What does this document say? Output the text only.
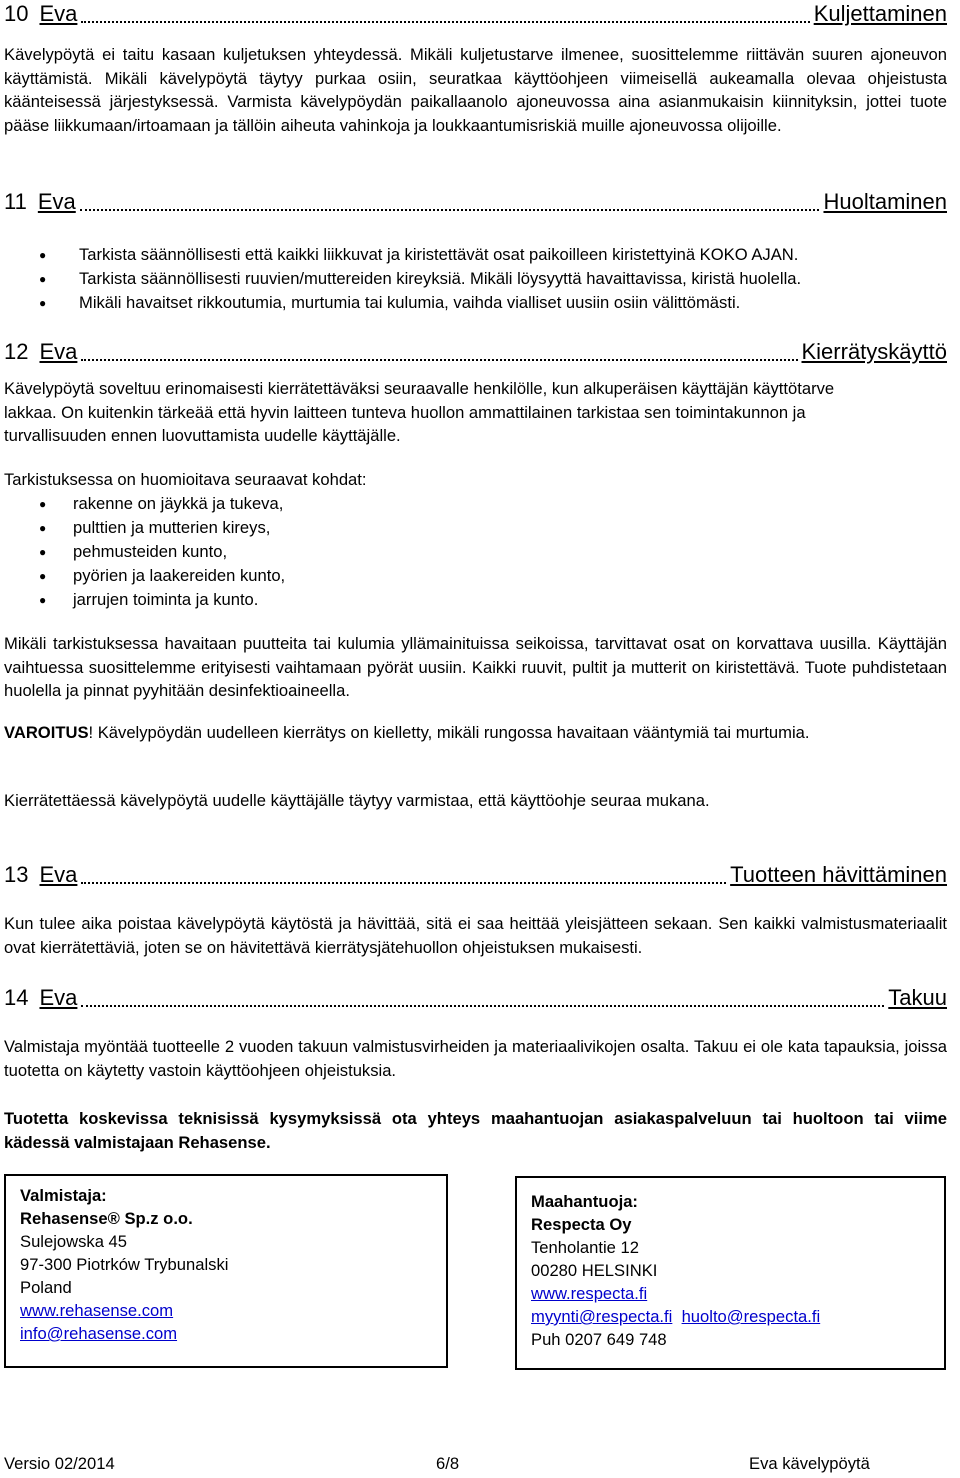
10 Eva	Kuljettaminen
Kävelypöytä ei taitu kasaan kuljetuksen yhteydessä. Mikäli kuljetustarve ilmenee, suosittelemme riittävän suuren ajoneuvon käyttämistä. Mikäli kävelypöytä täytyy purkaa osiin, seuratkaa käyttöohjeen viimeisellä aukeamalla olevaa ohjeistusta käänteisessä järjestyksessä. Varmista kävelypöydän paikallaanolo ajoneuvossa aina asianmukaisin kiinnityksin, jottei tuote pääse liikkumaan/irtoamaan ja tällöin aiheuta vahinkoja ja loukkaantumisriskiä muille ajoneuvossa olijoille.
11 Eva	Huoltaminen
● Tarkista säännöllisesti että kaikki liikkuvat ja kiristettävät osat paikoilleen kiristettyinä KOKO AJAN.
● Tarkista säännöllisesti ruuvien/muttereiden kireyksiä. Mikäli löysyyttä havaittavissa, kiristä huolella.
● Mikäli havaitset rikkoutumia, murtumia tai kulumia, vaihda vialliset uusiin osiin välittömästi.
12 Eva	Kierrätyskäyttö
Kävelypöytä soveltuu erinomaisesti kierrätettäväksi seuraavalle henkilölle, kun alkuperäisen käyttäjän käyttötarve lakkaa. On kuitenkin tärkeää että hyvin laitteen tunteva huollon ammattilainen tarkistaa sen toimintakunnon ja turvallisuuden ennen luovuttamista uudelle käyttäjälle.
Tarkistuksessa on huomioitava seuraavat kohdat:
● rakenne on jäykkä ja tukeva,
● pulttien ja mutterien kireys,
● pehmusteiden kunto,
● pyörien ja laakereiden kunto,
● jarrujen toiminta ja kunto.
Mikäli tarkistuksessa havaitaan puutteita tai kulumia yllämainituissa seikoissa, tarvittavat osat on korvattava uusilla. Käyttäjän vaihtuessa suosittelemme erityisesti vaihtamaan pyörät uusiin. Kaikki ruuvit, pultit ja mutterit on kiristettävä. Tuote puhdistetaan huolella ja pinnat pyyhitään desinfektioaineella.
VAROITUS! Kävelypöydän uudelleen kierrätys on kielletty, mikäli rungossa havaitaan vääntymiä tai murtumia.
Kierrätettäessä kävelypöytä uudelle käyttäjälle täytyy varmistaa, että käyttöohje seuraa mukana.
13 Eva	Tuotteen hävittäminen
Kun tulee aika poistaa kävelypöytä käytöstä ja hävittää, sitä ei saa heittää yleisjätteen sekaan. Sen kaikki valmistusmateriaalit ovat kierrätettäviä, joten se on hävitettävä kierrätysjätehuollon ohjeistuksen mukaisesti.
14 Eva	Takuu
Valmistaja myöntää tuotteelle 2 vuoden takuun valmistusvirheiden ja materiaalivikojen osalta. Takuu ei ole kata tapauksia, joissa tuotetta on käytetty vastoin käyttöohjeen ohjeistuksia.
Tuotetta koskevissa teknisissä kysymyksissä ota yhteys maahantuojan asiakaspalveluun tai huoltoon tai viime kädessä valmistajaan Rehasense.
Valmistaja:
Rehasense® Sp.z o.o.
Sulejowska 45
97-300 Piotrków Trybunalski
Poland
www.rehasense.com
info@rehasense.com
Maahantuoja:
Respecta Oy
Tenholantie 12
00280 HELSINKI
www.respecta.fi
myynti@respecta.fi huolto@respecta.fi
Puh 0207 649 748
Versio 02/2014	6/8	Eva kävelypöytä
